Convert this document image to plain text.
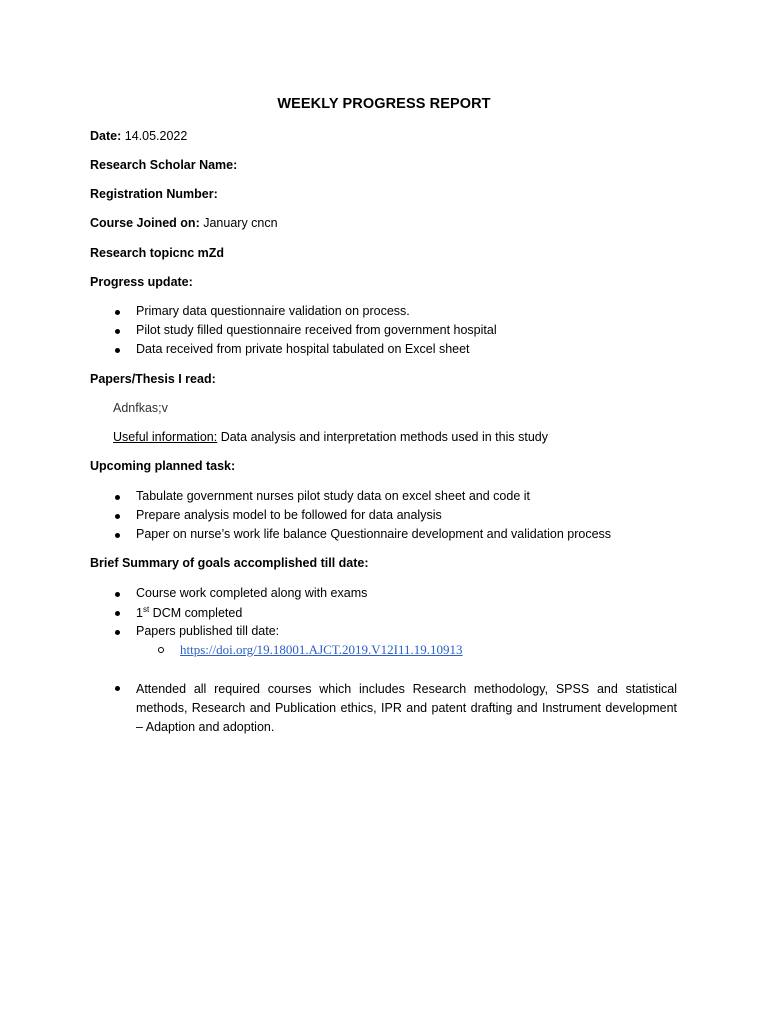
WEEKLY PROGRESS REPORT
Date: 14.05.2022
Research Scholar Name:
Registration Number:
Course Joined on: January cncn
Research topicnc mZd
Progress update:
Primary data questionnaire validation on process.
Pilot study filled questionnaire received from government hospital
Data received from private hospital tabulated on Excel sheet
Papers/Thesis I read:
Adnfkas;v
Useful information: Data analysis and interpretation methods used in this study
Upcoming planned task:
Tabulate government nurses pilot study data on excel sheet and code it
Prepare analysis model to be followed for data analysis
Paper on nurse’s work life balance Questionnaire development and validation process
Brief Summary of goals accomplished till date:
Course work completed along with exams
1st DCM completed
Papers published till date:
https://doi.org/19.18001.AJCT.2019.V12I11.19.10913
Attended all required courses which includes Research methodology, SPSS and statistical methods, Research and Publication ethics, IPR and patent drafting and Instrument development – Adaption and adoption.
